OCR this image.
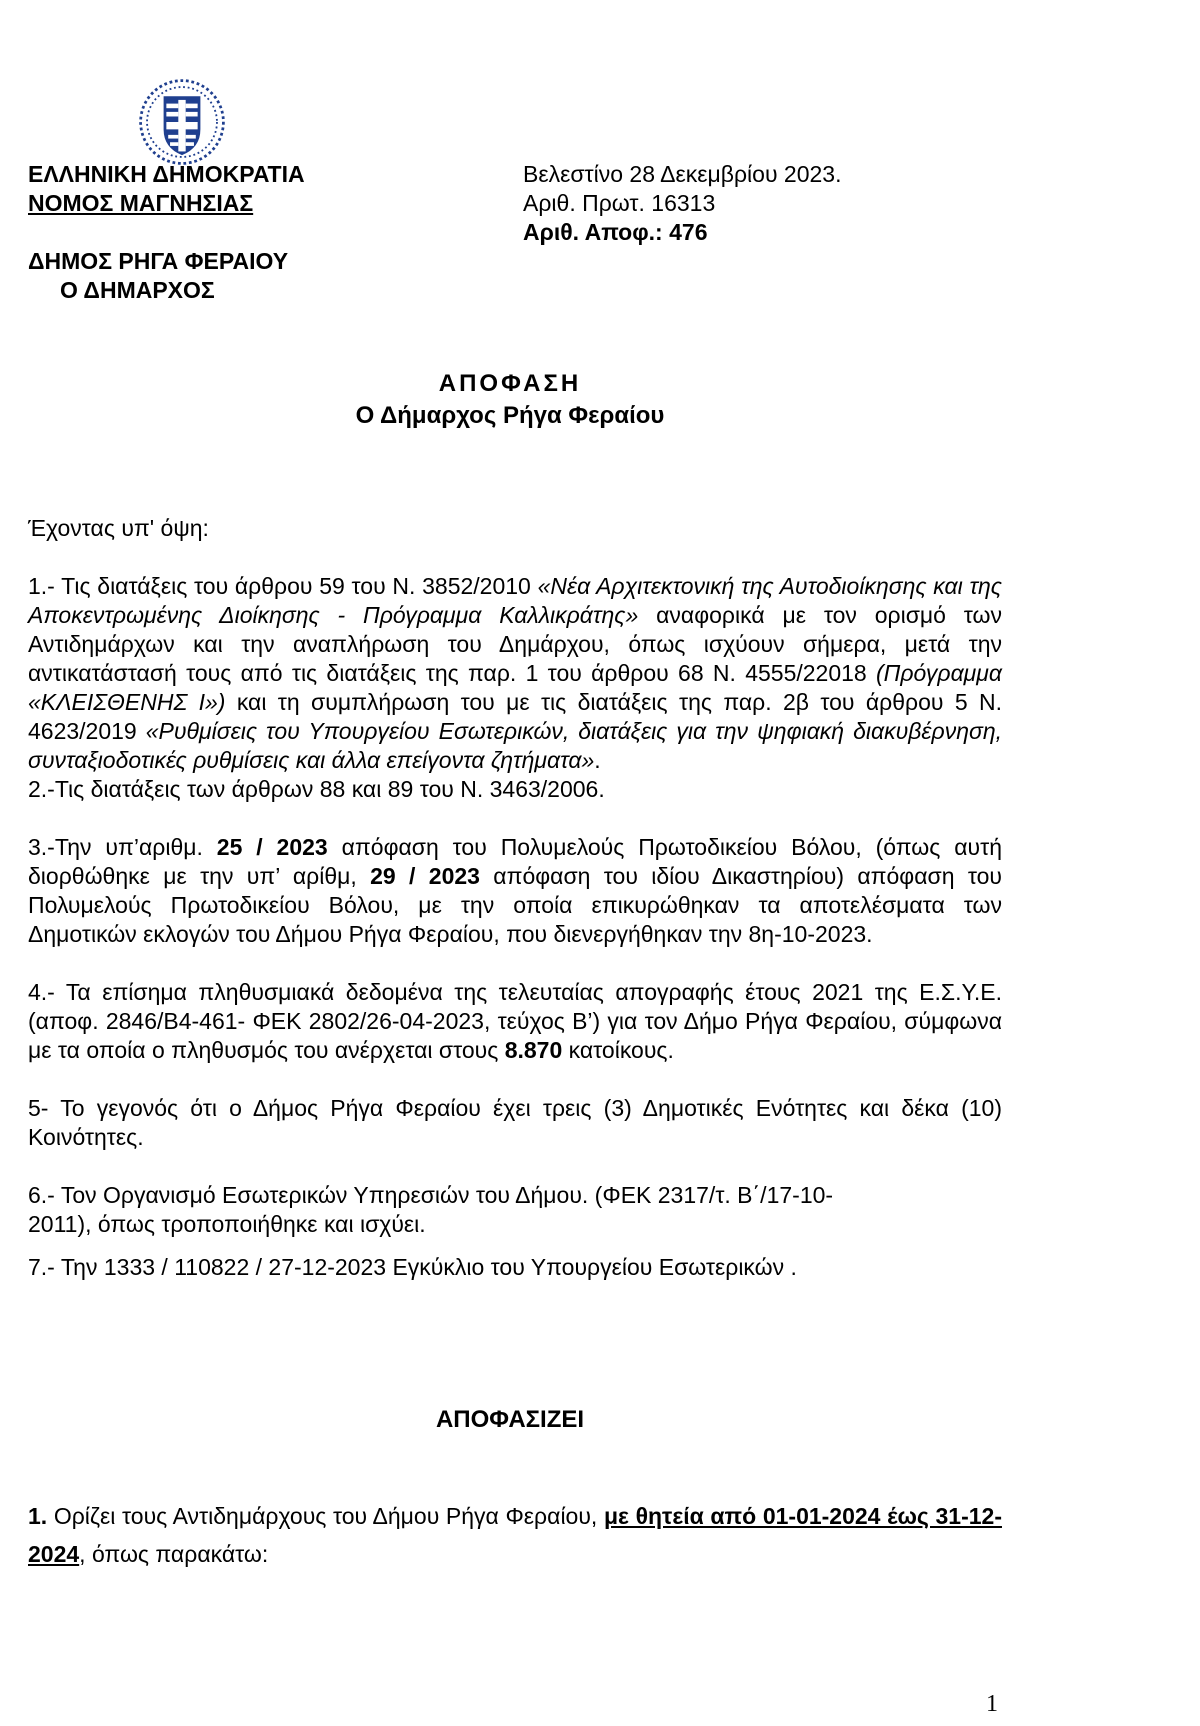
ΕΛΛΗΝΙΚΗ ΔΗΜΟΚΡΑΤΙΑ
ΝΟΜΟΣ ΜΑΓΝΗΣΙΑΣ
ΔΗΜΟΣ ΡΗΓΑ ΦΕΡΑΙΟΥ
Ο ΔΗΜΑΡΧΟΣ
Βελεστίνο 28 Δεκεμβρίου 2023.
Αριθ. Πρωτ. 16313
Αριθ. Αποφ.: 476
ΑΠΟΦΑΣΗ
Ο Δήμαρχος Ρήγα Φεραίου

Έχοντας υπ' όψη:

1.- Τις διατάξεις του άρθρου 59 του Ν. 3852/2010 «Νέα Αρχιτεκτονική της Αυτοδιοίκησης και της Αποκεντρωμένης Διοίκησης - Πρόγραμμα Καλλικράτης» αναφορικά με τον ορισμό των Αντιδημάρχων και την αναπλήρωση του Δημάρχου, όπως ισχύουν σήμερα, μετά την αντικατάστασή τους από τις διατάξεις της παρ. 1 του άρθρου 68 Ν. 4555/22018 (Πρόγραμμα «ΚΛΕΙΣΘΕΝΗΣ Ι») και τη συμπλήρωση του με τις διατάξεις της παρ. 2β του άρθρου 5 Ν. 4623/2019 «Ρυθμίσεις του Υπουργείου Εσωτερικών, διατάξεις για την ψηφιακή διακυβέρνηση, συνταξιοδοτικές ρυθμίσεις και άλλα επείγοντα ζητήματα».

2.-Τις διατάξεις των άρθρων 88 και 89 του Ν. 3463/2006.

3.-Την υπ’αριθμ. 25 / 2023 απόφαση του Πολυμελούς Πρωτοδικείου Βόλου, (όπως αυτή διορθώθηκε με την υπ’ αρίθμ, 29 / 2023 απόφαση του ιδίου Δικαστηρίου) απόφαση του Πολυμελούς Πρωτοδικείου Βόλου, με την οποία επικυρώθηκαν τα αποτελέσματα των Δημοτικών εκλογών του Δήμου Ρήγα Φεραίου, που διενεργήθηκαν την 8η-10-2023.

4.- Τα επίσημα πληθυσμιακά δεδομένα της τελευταίας απογραφής έτους 2021 της Ε.Σ.Υ.Ε. (αποφ. 2846/Β4-461- ΦΕΚ 2802/26-04-2023, τεύχος Β’) για τον Δήμο Ρήγα Φεραίου, σύμφωνα με τα οποία ο πληθυσμός του ανέρχεται στους 8.870 κατοίκους.

5- Το γεγονός ότι ο Δήμος Ρήγα Φεραίου έχει τρεις (3) Δημοτικές Ενότητες και δέκα (10) Κοινότητες.

6.- Τον Οργανισμό Εσωτερικών Υπηρεσιών του Δήμου. (ΦΕΚ 2317/τ. Β΄/17-10-
2011), όπως τροποποιήθηκε και ισχύει.

7.- Την 1333 / 110822 / 27-12-2023 Εγκύκλιο του Υπουργείου Εσωτερικών .

ΑΠΟΦΑΣΙΖΕΙ

1. Ορίζει τους Αντιδημάρχους του Δήμου Ρήγα Φεραίου, με θητεία από 01-01-2024 έως 31-12-2024, όπως παρακάτω:

1
